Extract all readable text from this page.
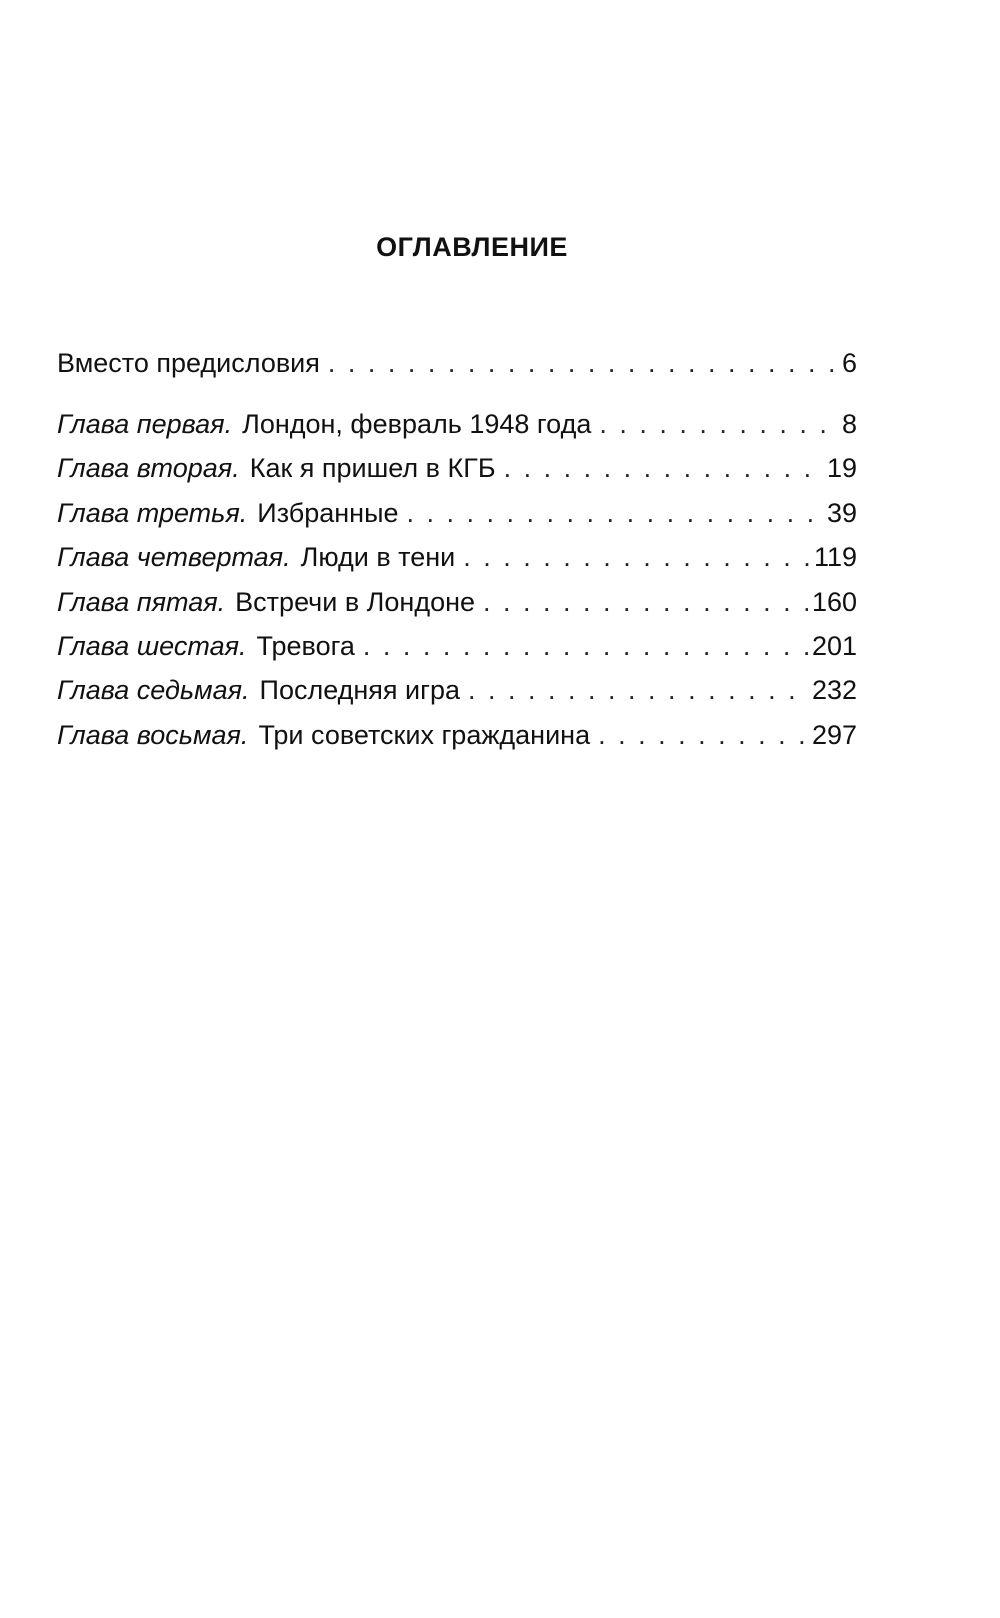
ОГЛАВЛЕНИЕ
Вместо предисловия . . .	6
Глава первая. Лондон, февраль 1948 года . . .	8
Глава вторая. Как я пришел в КГБ . . .	19
Глава третья. Избранные . . .	39
Глава четвертая. Люди в тени . . .	119
Глава пятая. Встречи в Лондоне . . .	160
Глава шестая. Тревога . . .	201
Глава седьмая. Последняя игра . . .	232
Глава восьмая. Три советских гражданина . . .	297
